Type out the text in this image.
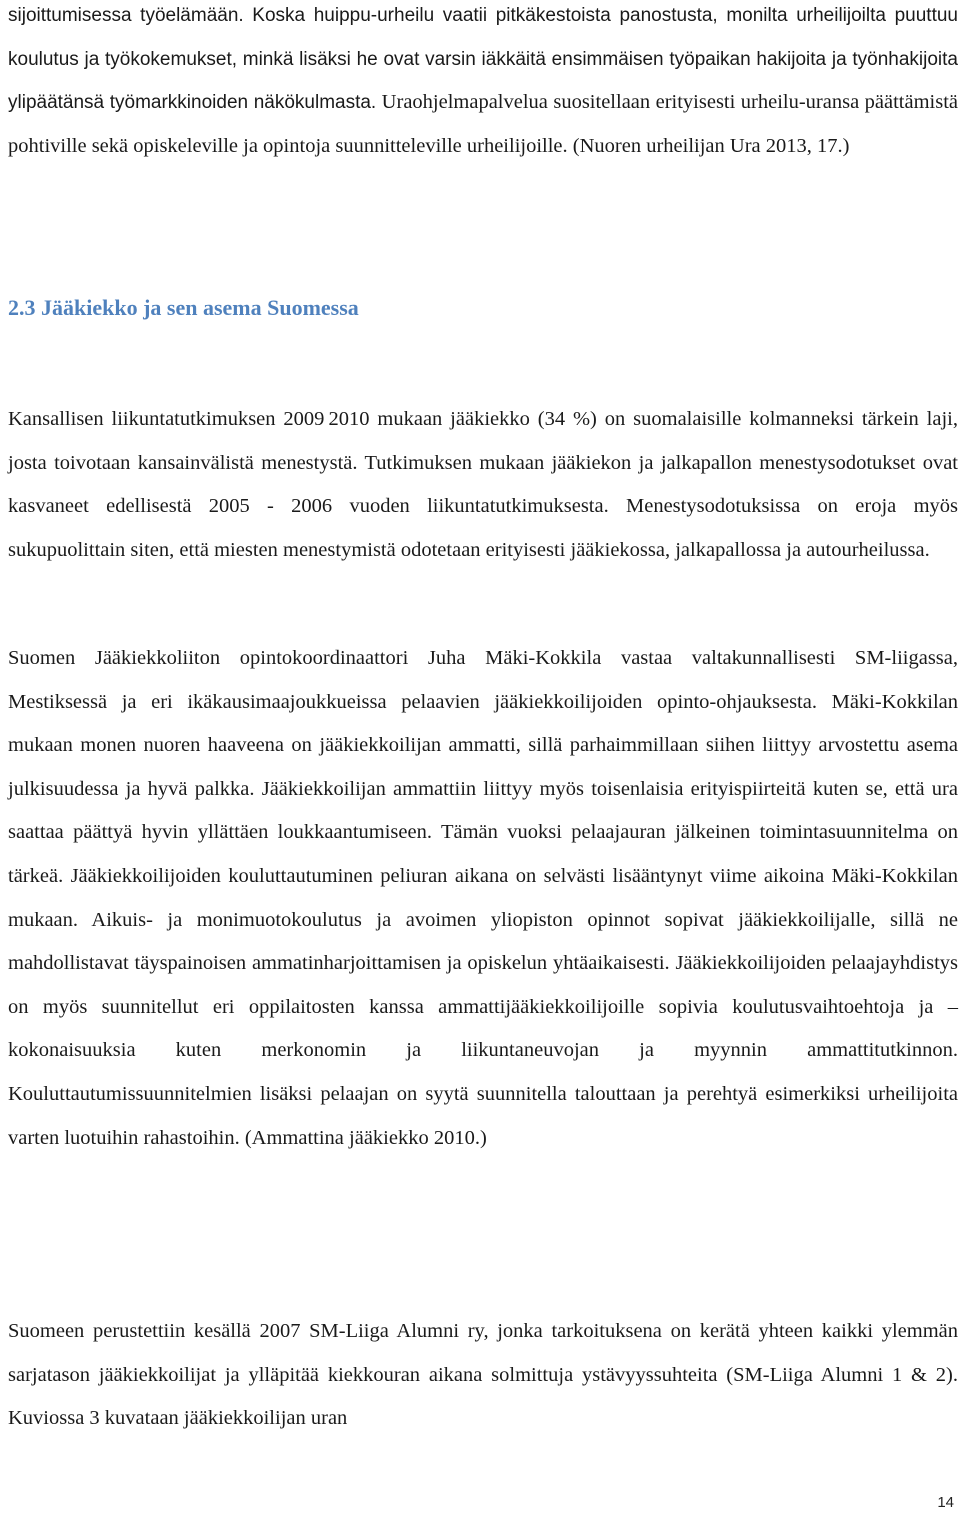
sijoittumisessa työelämään. Koska huippu-urheilu vaatii pitkäkestoista panostusta, monilta urheilijoilta puuttuu koulutus ja työkokemukset, minkä lisäksi he ovat varsin iäkkäitä ensimmäisen työpaikan hakijoita ja työnhakijoita ylipäätänsä työmarkkinoiden näkökulmasta. Uraohjelmapalvelua suositellaan erityisesti urheilu-uransa päättämistä pohtiville sekä opiskeleville ja opintoja suunnitteleville urheilijoille. (Nuoren urheilijan Ura 2013, 17.)

2.3 Jääkiekko ja sen asema Suomessa

Kansallisen liikuntatutkimuksen 2009 2010 mukaan jääkiekko (34 %) on suomalaisille kolmanneksi tärkein laji, josta toivotaan kansainvälistä menestystä. Tutkimuksen mukaan jääkiekon ja jalkapallon menestysodotukset ovat kasvaneet edellisestä 2005 - 2006 vuoden liikuntatutkimuksesta. Menestysodotuksissa on eroja myös sukupuolittain siten, että miesten menestymistä odotetaan erityisesti jääkiekossa, jalkapallossa ja autourheilussa.

Suomen Jääkiekkoliiton opintokoordinaattori Juha Mäki-Kokkila vastaa valtakunnallisesti SM-liigassa, Mestiksessä ja eri ikäkausimaajoukkueissa pelaavien jääkiekkoilijoiden opinto-ohjauksesta. Mäki-Kokkilan mukaan monen nuoren haaveena on jääkiekkoilijan ammatti, sillä parhaimmillaan siihen liittyy arvostettu asema julkisuudessa ja hyvä palkka. Jääkiekkoilijan ammattiin liittyy myös toisenlaisia erityispiirteitä kuten se, että ura saattaa päättyä hyvin yllättäen loukkaantumiseen. Tämän vuoksi pelaajauran jälkeinen toimintasuunnitelma on tärkeä. Jääkiekkoilijoiden kouluttautuminen peliuran aikana on selvästi lisääntynyt viime aikoina Mäki-Kokkilan mukaan. Aikuis- ja monimuotokoulutus ja avoimen yliopiston opinnot sopivat jääkiekkoilijalle, sillä ne mahdollistavat täyspainoisen ammatinharjoittamisen ja opiskelun yhtäaikaisesti. Jääkiekkoilijoiden pelaajayhdistys on myös suunnitellut eri oppilaitosten kanssa ammattijääkiekkoilijoille sopivia koulutusvaihtoehtoja ja –kokonaisuuksia kuten merkonomin ja liikuntaneuvojan ja myynnin ammattitutkinnon. Kouluttautumissuunnitelmien lisäksi pelaajan on syytä suunnitella talouttaan ja perehtyä esimerkiksi urheilijoita varten luotuihin rahastoihin. (Ammattina jääkiekko 2010.)

Suomeen perustettiin kesällä 2007 SM-Liiga Alumni ry, jonka tarkoituksena on kerätä yhteen kaikki ylemmän sarjatason jääkiekkoilijat ja ylläpitää kiekkouran aikana solmittuja ystävyyssuhteita (SM-Liiga Alumni 1 & 2). Kuviossa 3 kuvataan jääkiekkoilijan uran

14
